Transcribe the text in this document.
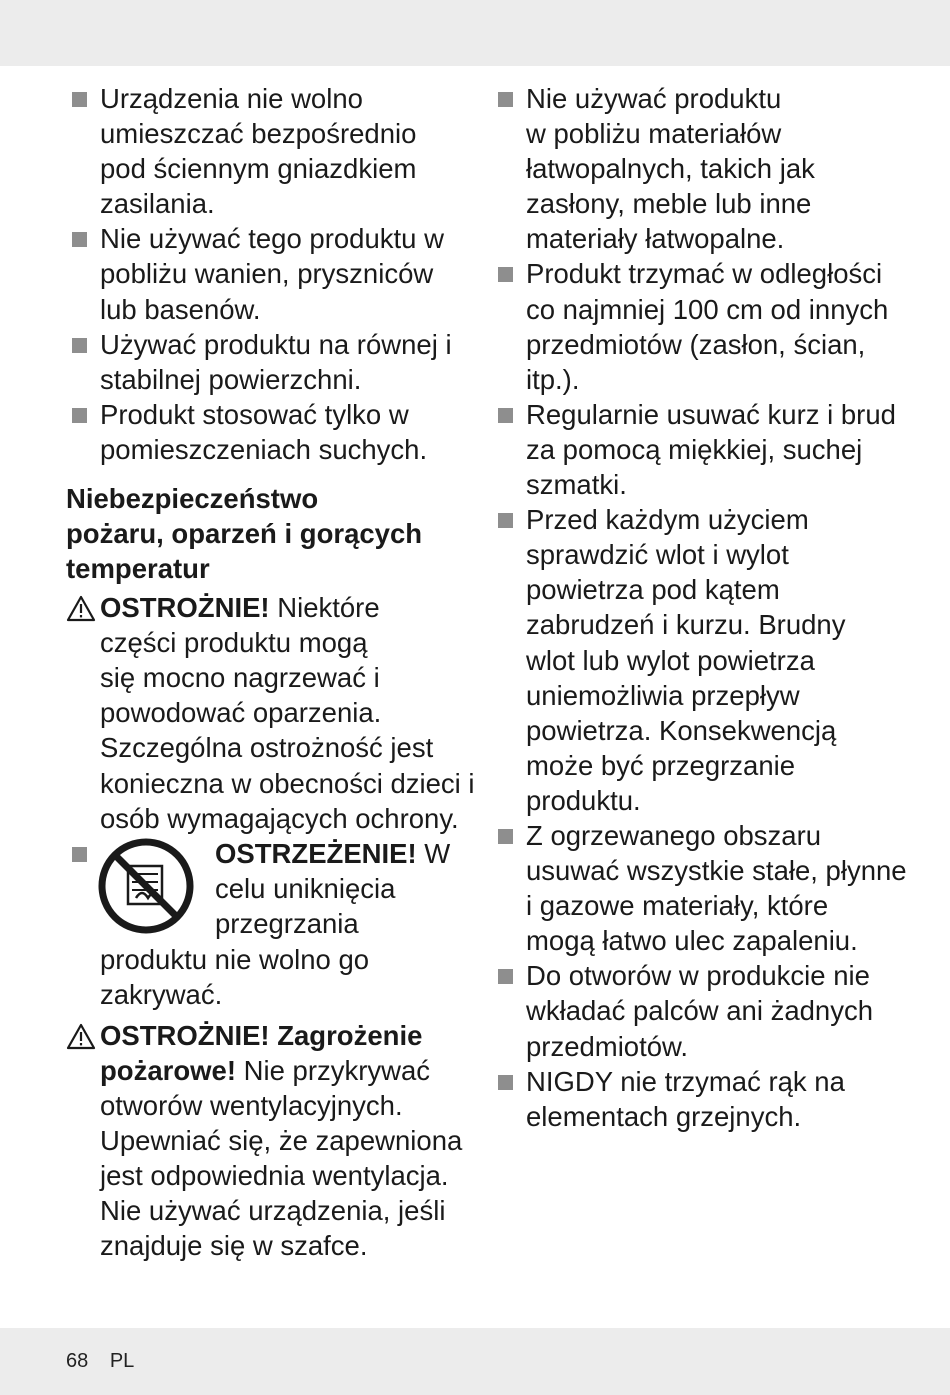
Urządzenia nie wolno
umieszczać bezpośrednio
pod ściennym gniazdkiem
zasilania.
Nie używać tego produktu w
pobliżu wanien, pryszniców
lub basenów.
Używać produktu na równej i
stabilnej powierzchni.
Produkt stosować tylko w
pomieszczeniach suchych.
Niebezpieczeństwo
pożaru, oparzeń i gorących
temperatur
OSTROŻNIE! Niektóre
części produktu mogą
się mocno nagrzewać i
powodować oparzenia.
Szczególna ostrożność jest
konieczna w obecności dzieci i
osób wymagających ochrony.
OSTRZEŻENIE! W
celu uniknięcia
przegrzania
produktu nie wolno go
zakrywać.
OSTROŻNIE! Zagrożenie
pożarowe! Nie przykrywać
otworów wentylacyjnych.
Upewniać się, że zapewniona
jest odpowiednia wentylacja.
Nie używać urządzenia, jeśli
znajduje się w szafce.
Nie używać produktu
w pobliżu materiałów
łatwopalnych, takich jak
zasłony, meble lub inne
materiały łatwopalne.
Produkt trzymać w odległości
co najmniej 100 cm od innych
przedmiotów (zasłon, ścian,
itp.).
Regularnie usuwać kurz i brud
za pomocą miękkiej, suchej
szmatki.
Przed każdym użyciem
sprawdzić wlot i wylot
powietrza pod kątem
zabrudzeń i kurzu. Brudny
wlot lub wylot powietrza
uniemożliwia przepływ
powietrza. Konsekwencją
może być przegrzanie
produktu.
Z ogrzewanego obszaru
usuwać wszystkie stałe, płynne
i gazowe materiały, które
mogą łatwo ulec zapaleniu.
Do otworów w produkcie nie
wkładać palców ani żadnych
przedmiotów.
NIGDY nie trzymać rąk na
elementach grzejnych.
68 PL
